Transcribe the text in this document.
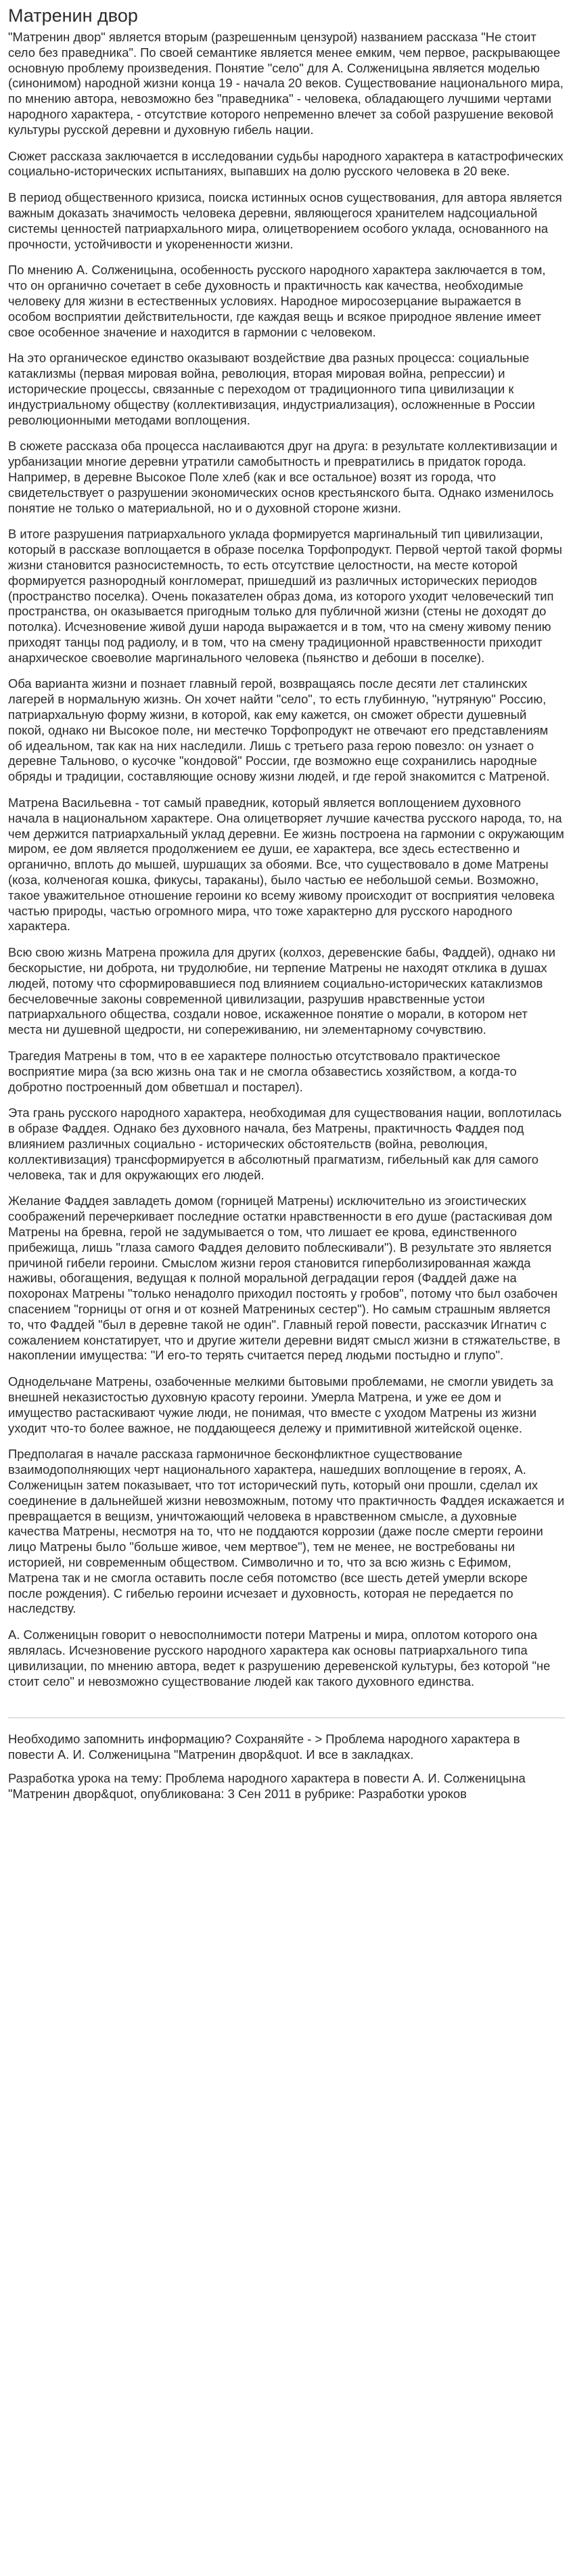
Матренин двор

"Матренин двор" является вторым (разрешенным цензурой) названием рассказа "Не стоит село без праведника". По своей семантике является менее емким, чем первое, раскрывающее основную проблему произведения. Понятие "село" для А. Солженицына является моделью (синонимом) народной жизни конца 19 - начала 20 веков. Существование национального мира, по мнению автора, невозможно без "праведника" - человека, обладающего лучшими чертами народного характера, - отсутствие которого непременно влечет за собой разрушение вековой культуры русской деревни и духовную гибель нации.

Сюжет рассказа заключается в исследовании судьбы народного характера в катастрофических социально-исторических испытаниях, выпавших на долю русского человека в 20 веке.

В период общественного кризиса, поиска истинных основ существования, для автора является важным доказать значимость человека деревни, являющегося хранителем надсоциальной системы ценностей патриархального мира, олицетворением особого уклада, основанного на прочности, устойчивости и укорененности жизни.

По мнению А. Солженицына, особенность русского народного характера заключается в том, что он органично сочетает в себе духовность и практичность как качества, необходимые человеку для жизни в естественных условиях. Народное миросозерцание выражается в особом восприятии действительности, где каждая вещь и всякое природное явление имеет свое особенное значение и находится в гармонии с человеком.

На это органическое единство оказывают воздействие два разных процесса: социальные катаклизмы (первая мировая война, революция, вторая мировая война, репрессии) и исторические процессы, связанные с переходом от традиционного типа цивилизации к индустриальному обществу (коллективизация, индустриализация), осложненные в России революционными методами воплощения.

В сюжете рассказа оба процесса наслаиваются друг на друга: в результате коллективизации и урбанизации многие деревни утратили самобытность и превратились в придаток города. Например, в деревне Высокое Поле хлеб (как и все остальное) возят из города, что свидетельствует о разрушении экономических основ крестьянского быта. Однако изменилось понятие не только о материальной, но и о духовной стороне жизни.

В итоге разрушения патриархального уклада формируется маргинальный тип цивилизации, который в рассказе воплощается в образе поселка Торфопродукт. Первой чертой такой формы жизни становится разносистемность, то есть отсутствие целостности, на месте которой формируется разнородный конгломерат, пришедший из различных исторических периодов (пространство поселка). Очень показателен образ дома, из которого уходит человеческий тип пространства, он оказывается пригодным только для публичной жизни (стены не доходят до потолка). Исчезновение живой души народа выражается и в том, что на смену живому пению приходят танцы под радиолу, и в том, что на смену традиционной нравственности приходит анархическое своеволие маргинального человека (пьянство и дебоши в поселке).

Оба варианта жизни и познает главный герой, возвращаясь после десяти лет сталинских лагерей в нормальную жизнь. Он хочет найти "село", то есть глубинную, "нутряную" Россию, патриархальную форму жизни, в которой, как ему кажется, он сможет обрести душевный покой, однако ни Высокое поле, ни местечко Торфопродукт не отвечают его представлениям об идеальном, так как на них наследили. Лишь с третьего раза герою повезло: он узнает о деревне Тальново, о кусочке "кондовой" России, где возможно еще сохранились народные обряды и традиции, составляющие основу жизни людей, и где герой знакомится с Матреной.

Матрена Васильевна - тот самый праведник, который является воплощением духовного начала в национальном характере. Она олицетворяет лучшие качества русского народа, то, на чем держится патриархальный уклад деревни. Ее жизнь построена на гармонии с окружающим миром, ее дом является продолжением ее души, ее характера, все здесь естественно и органично, вплоть до мышей, шуршащих за обоями. Все, что существовало в доме Матрены (коза, колченогая кошка, фикусы, тараканы), было частью ее небольшой семьи. Возможно, такое уважительное отношение героини ко всему живому происходит от восприятия человека частью природы, частью огромного мира, что тоже характерно для русского народного характера.

Всю свою жизнь Матрена прожила для других (колхоз, деревенские бабы, Фаддей), однако ни бескорыстие, ни доброта, ни трудолюбие, ни терпение Матрены не находят отклика в душах людей, потому что сформировавшиеся под влиянием социально-исторических катаклизмов бесчеловечные законы современной цивилизации, разрушив нравственные устои патриархального общества, создали новое, искаженное понятие о морали, в котором нет места ни душевной щедрости, ни сопереживанию, ни элементарному сочувствию.

Трагедия Матрены в том, что в ее характере полностью отсутствовало практическое восприятие мира (за всю жизнь она так и не смогла обзавестись хозяйством, а когда-то добротно построенный дом обветшал и постарел).

Эта грань русского народного характера, необходимая для существования нации, воплотилась в образе Фаддея. Однако без духовного начала, без Матрены, практичность Фаддея под влиянием различных социально - исторических обстоятельств (война, революция, коллективизация) трансформируется в абсолютный прагматизм, гибельный как для самого человека, так и для окружающих его людей.

Желание Фаддея завладеть домом (горницей Матрены) исключительно из эгоистических соображений перечеркивает последние остатки нравственности в его душе (растаскивая дом Матрены на бревна, герой не задумывается о том, что лишает ее крова, единственного прибежища, лишь "глаза самого Фаддея деловито поблескивали"). В результате это является причиной гибели героини. Смыслом жизни героя становится гиперболизированная жажда наживы, обогащения, ведущая к полной моральной деградации героя (Фаддей даже на похоронах Матрены "только ненадолго приходил постоять у гробов", потому что был озабочен спасением "горницы от огня и от козней Матрениных сестер"). Но самым страшным является то, что Фаддей "был в деревне такой не один". Главный герой повести, рассказчик Игнатич с сожалением констатирует, что и другие жители деревни видят смысл жизни в стяжательстве, в накоплении имущества: "И его-то терять считается перед людьми постыдно и глупо".

Однодельчане Матрены, озабоченные мелкими бытовыми проблемами, не смогли увидеть за внешней неказистостью духовную красоту героини. Умерла Матрена, и уже ее дом и имущество растаскивают чужие люди, не понимая, что вместе с уходом Матрены из жизни уходит что-то более важное, не поддающееся дележу и примитивной житейской оценке.

Предполагая в начале рассказа гармоничное бесконфликтное существование взаимодополняющих черт национального характера, нашедших воплощение в героях, А. Солженицын затем показывает, что тот исторический путь, который они прошли, сделал их соединение в дальнейшей жизни невозможным, потому что практичность Фаддея искажается и превращается в вещизм, уничтожающий человека в нравственном смысле, а духовные качества Матрены, несмотря на то, что не поддаются коррозии (даже после смерти героини лицо Матрены было "больше живое, чем мертвое"), тем не менее, не востребованы ни историей, ни современным обществом. Символично и то, что за всю жизнь с Ефимом, Матрена так и не смогла оставить после себя потомство (все шесть детей умерли вскоре после рождения). С гибелью героини исчезает и духовность, которая не передается по наследству.

А. Солженицын говорит о невосполнимости потери Матрены и мира, оплотом которого она являлась. Исчезновение русского народного характера как основы патриархального типа цивилизации, по мнению автора, ведет к разрушению деревенской культуры, без которой "не стоит село" и невозможно существование людей как такого духовного единства.

Необходимо запомнить информацию? Сохраняйте - > Проблема народного характера в повести А. И. Солженицына "Матренин двор&quot. И все в закладках.

Разработка урока на тему: Проблема народного характера в повести А. И. Солженицына "Матренин двор&quot, опубликована: 3 Сен 2011 в рубрике: Разработки уроков
